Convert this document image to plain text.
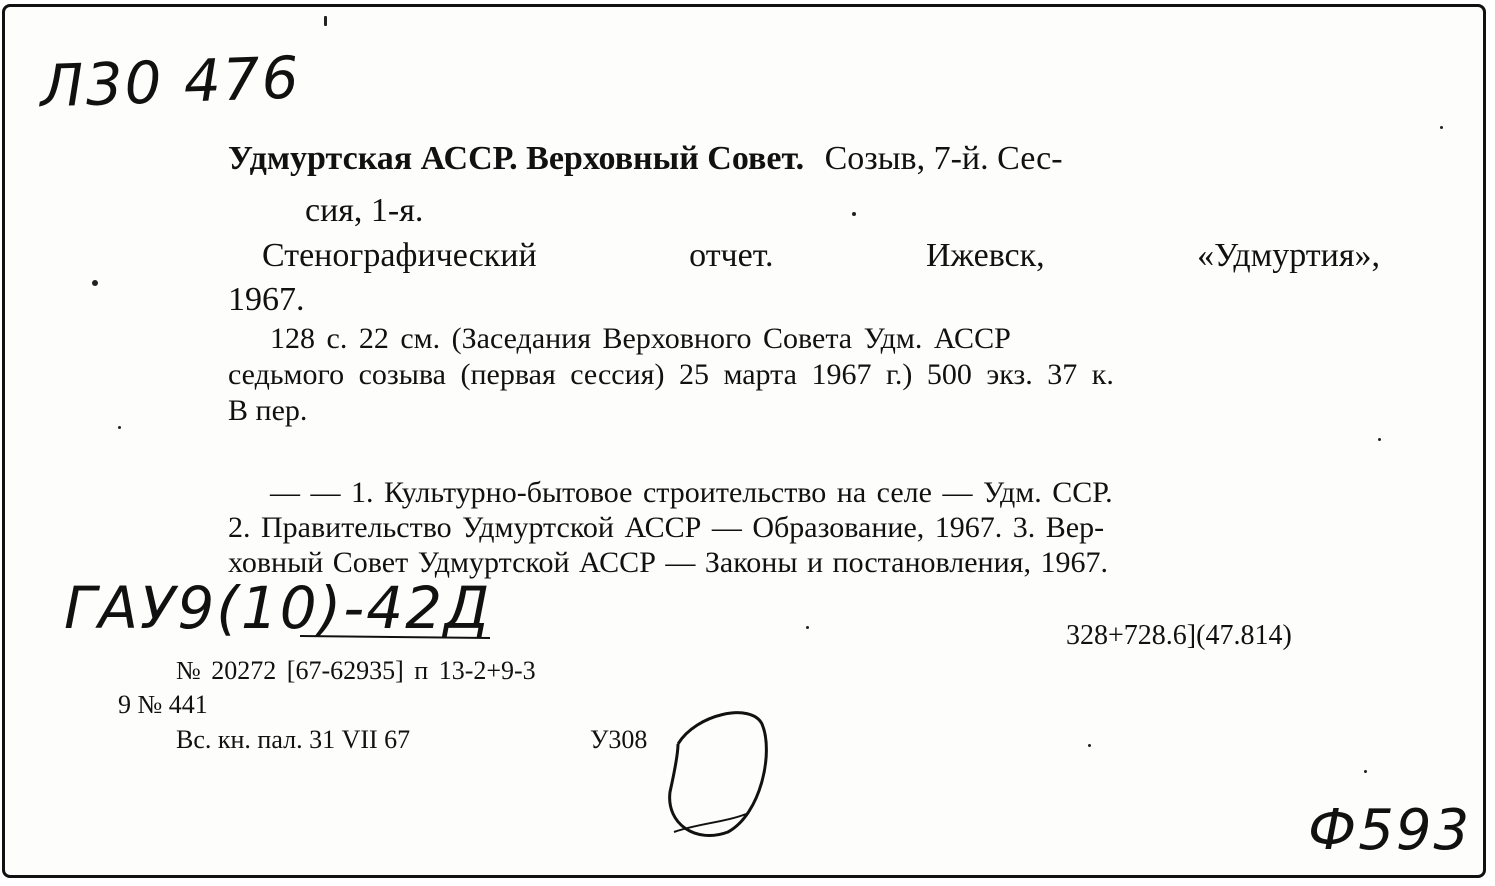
Л30 476
ГАУ9(10)-42Д
Ф593
Удмуртская АССР. Верховный Совет. Созыв, 7-й. Сес-
сия, 1-я.
Стенографический	отчет.	Ижевск,	«Удмуртия»,
1967.
128 с. 22 см. (Заседания Верховного Совета Удм. АССР
седьмого созыва (первая сессия) 25 марта 1967 г.) 500 экз. 37 к.
В пер.
— — 1. Культурно-бытовое строительство на селе — Удм. ССР.
2. Правительство Удмуртской АССР — Образование, 1967. 3. Вер-
ховный Совет Удмуртской АССР — Законы и постановления, 1967.
328+728.6](47.814)
№ 20272 [67-62935] п 13-2+9-3
9 № 441
Вс. кн. пал. 31 VII 67	У308
